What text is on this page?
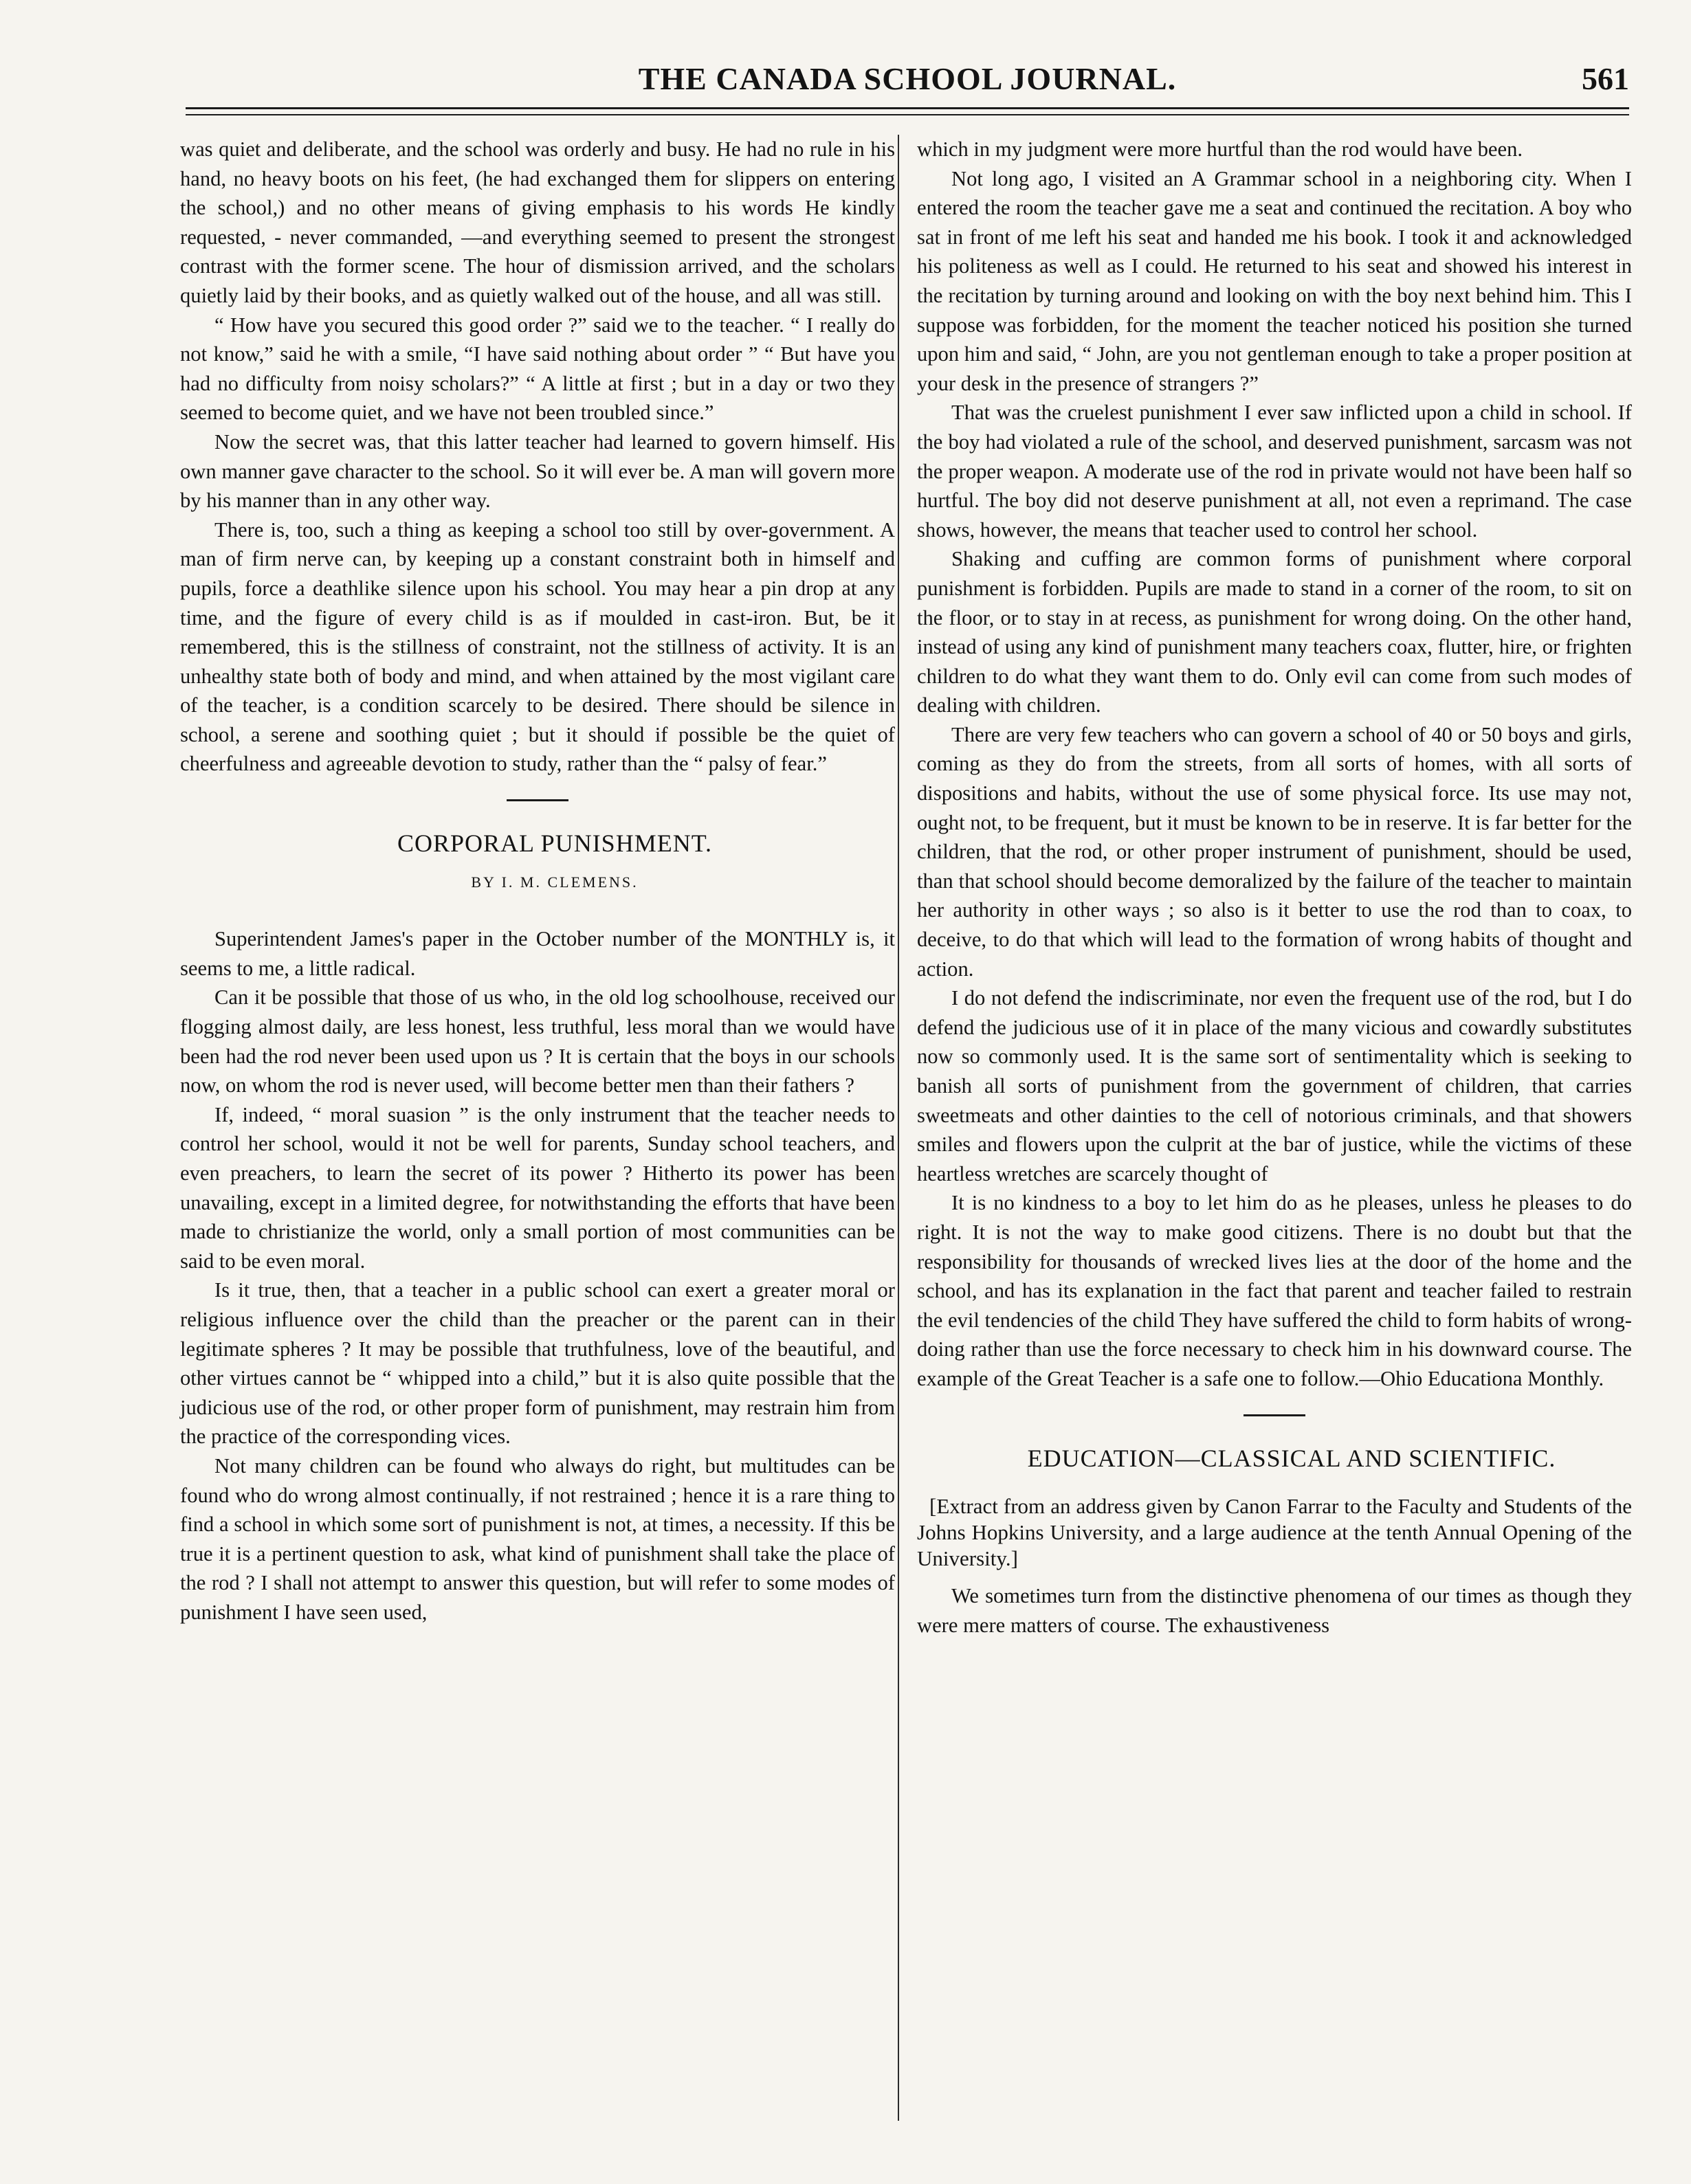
THE CANADA SCHOOL JOURNAL.	561

was quiet and deliberate, and the school was orderly and busy. He had no rule in his hand, no heavy boots on his feet, (he had exchanged them for slippers on entering the school,) and no other means of giving emphasis to his words He kindly requested, - never commanded, —and everything seemed to present the strongest contrast with the former scene. The hour of dismission arrived, and the scholars quietly laid by their books, and as quietly walked out of the house, and all was still.

“ How have you secured this good order ?” said we to the teacher. “ I really do not know,” said he with a smile, “I have said nothing about order ” “ But have you had no difficulty from noisy scholars?” “ A little at first ; but in a day or two they seemed to become quiet, and we have not been troubled since.”

Now the secret was, that this latter teacher had learned to govern himself. His own manner gave character to the school. So it will ever be. A man will govern more by his manner than in any other way.

There is, too, such a thing as keeping a school too still by over-government. A man of firm nerve can, by keeping up a constant constraint both in himself and pupils, force a deathlike silence upon his school. You may hear a pin drop at any time, and the figure of every child is as if moulded in cast-iron. But, be it remembered, this is the stillness of constraint, not the stillness of activity. It is an unhealthy state both of body and mind, and when attained by the most vigilant care of the teacher, is a condition scarcely to be desired. There should be silence in school, a serene and soothing quiet ; but it should if possible be the quiet of cheerfulness and agreeable devotion to study, rather than the “ palsy of fear.”

CORPORAL PUNISHMENT.

BY I. M. CLEMENS.

Superintendent James's paper in the October number of the MONTHLY is, it seems to me, a little radical.

Can it be possible that those of us who, in the old log schoolhouse, received our flogging almost daily, are less honest, less truthful, less moral than we would have been had the rod never been used upon us ? It is certain that the boys in our schools now, on whom the rod is never used, will become better men than their fathers ?

If, indeed, “ moral suasion ” is the only instrument that the teacher needs to control her school, would it not be well for parents, Sunday school teachers, and even preachers, to learn the secret of its power ? Hitherto its power has been unavailing, except in a limited degree, for notwithstanding the efforts that have been made to christianize the world, only a small portion of most communities can be said to be even moral.

Is it true, then, that a teacher in a public school can exert a greater moral or religious influence over the child than the preacher or the parent can in their legitimate spheres ? It may be possible that truthfulness, love of the beautiful, and other virtues cannot be “ whipped into a child,” but it is also quite possible that the judicious use of the rod, or other proper form of punishment, may restrain him from the practice of the corresponding vices.

Not many children can be found who always do right, but multitudes can be found who do wrong almost continually, if not restrained ; hence it is a rare thing to find a school in which some sort of punishment is not, at times, a necessity. If this be true it is a pertinent question to ask, what kind of punishment shall take the place of the rod ? I shall not attempt to answer this question, but will refer to some modes of punishment I have seen used,

which in my judgment were more hurtful than the rod would have been.

Not long ago, I visited an A Grammar school in a neighboring city. When I entered the room the teacher gave me a seat and continued the recitation. A boy who sat in front of me left his seat and handed me his book. I took it and acknowledged his politeness as well as I could. He returned to his seat and showed his interest in the recitation by turning around and looking on with the boy next behind him. This I suppose was forbidden, for the moment the teacher noticed his position she turned upon him and said, “ John, are you not gentleman enough to take a proper position at your desk in the presence of strangers ?”

That was the cruelest punishment I ever saw inflicted upon a child in school. If the boy had violated a rule of the school, and deserved punishment, sarcasm was not the proper weapon. A moderate use of the rod in private would not have been half so hurtful. The boy did not deserve punishment at all, not even a reprimand. The case shows, however, the means that teacher used to control her school.

Shaking and cuffing are common forms of punishment where corporal punishment is forbidden. Pupils are made to stand in a corner of the room, to sit on the floor, or to stay in at recess, as punishment for wrong doing. On the other hand, instead of using any kind of punishment many teachers coax, flutter, hire, or frighten children to do what they want them to do. Only evil can come from such modes of dealing with children.

There are very few teachers who can govern a school of 40 or 50 boys and girls, coming as they do from the streets, from all sorts of homes, with all sorts of dispositions and habits, without the use of some physical force. Its use may not, ought not, to be frequent, but it must be known to be in reserve. It is far better for the children, that the rod, or other proper instrument of punishment, should be used, than that school should become demoralized by the failure of the teacher to maintain her authority in other ways ; so also is it better to use the rod than to coax, to deceive, to do that which will lead to the formation of wrong habits of thought and action.

I do not defend the indiscriminate, nor even the frequent use of the rod, but I do defend the judicious use of it in place of the many vicious and cowardly substitutes now so commonly used. It is the same sort of sentimentality which is seeking to banish all sorts of punishment from the government of children, that carries sweetmeats and other dainties to the cell of notorious criminals, and that showers smiles and flowers upon the culprit at the bar of justice, while the victims of these heartless wretches are scarcely thought of

It is no kindness to a boy to let him do as he pleases, unless he pleases to do right. It is not the way to make good citizens. There is no doubt but that the responsibility for thousands of wrecked lives lies at the door of the home and the school, and has its explanation in the fact that parent and teacher failed to restrain the evil tendencies of the child They have suffered the child to form habits of wrong-doing rather than use the force necessary to check him in his downward course. The example of the Great Teacher is a safe one to follow.—Ohio Educationa Monthly.

EDUCATION—CLASSICAL AND SCIENTIFIC.

[Extract from an address given by Canon Farrar to the Faculty and Students of the Johns Hopkins University, and a large audience at the tenth Annual Opening of the University.]

We sometimes turn from the distinctive phenomena of our times as though they were mere matters of course. The exhaustiveness
